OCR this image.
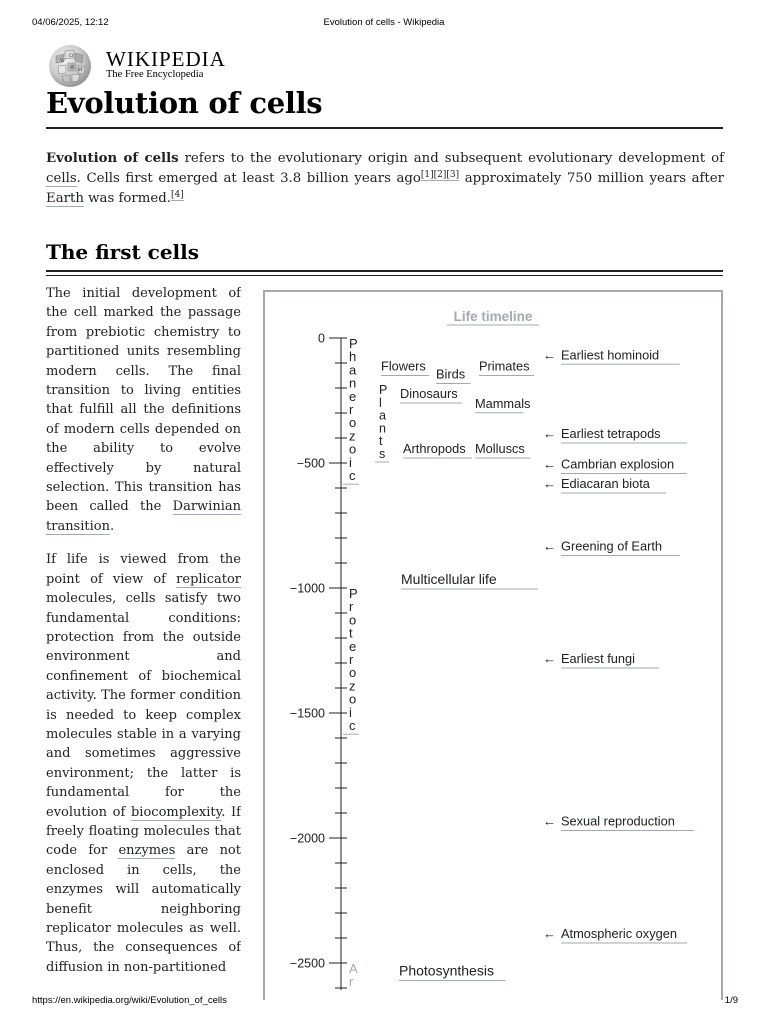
04/06/2025, 12:12	Evolution of cells - Wikipedia
https://en.wikipedia.org/wiki/Evolution_of_cells	1/9
W
Ω
維 И WIKIPEDIA
The Free Encyclopedia
Evolution of cells

Evolution of cells refers to the evolutionary origin and subsequent evolutionary development of cells. Cells first emerged at least 3.8 billion years ago[1][2][3] approximately 750 million years after Earth was formed.[4]

The first cells

The initial development of the cell marked the passage from prebiotic chemistry to partitioned units resembling modern cells. The final transition to living entities that fulfill all the definitions of modern cells depended on the ability to evolve effectively by natural selection. This transition has been called the Darwinian transition.

If life is viewed from the point of view of replicator molecules, cells satisfy two fundamental conditions: protection from the outside environment and confinement of biochemical activity. The former condition is needed to keep complex molecules stable in a varying and sometimes aggressive environment; the latter is fundamental for the evolution of biocomplexity. If freely floating molecules that code for enzymes are not enclosed in cells, the enzymes will automatically benefit neighboring replicator molecules as well. Thus, the consequences of diffusion in non-partitioned

Life timeline
0
−500
−1000
−1500
−2000
−2500
P
h
a
n
e
r
o
z
o
i
c
P
r
o
t
e
r
o
z
o
i
c
A
r
P
l
a
n
t
s
Flowers
Birds
Primates
Dinosaurs
Mammals
Arthropods Molluscs
Multicellular life
Photosynthesis
← Earliest hominoid
← Earliest tetrapods
← Cambrian explosion
← Ediacaran biota
← Greening of Earth
← Earliest fungi
← Sexual reproduction
← Atmospheric oxygen
